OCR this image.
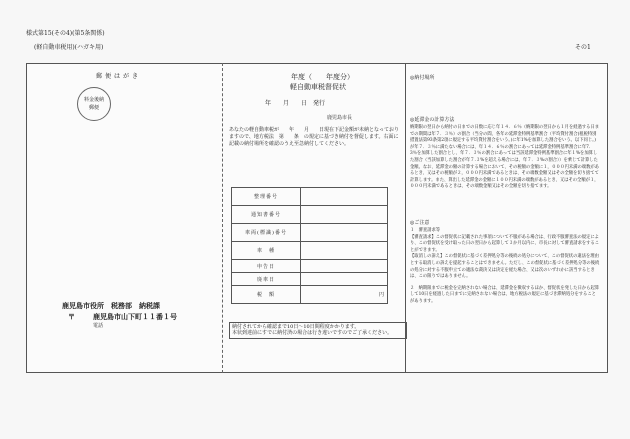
様式第15(その4)(第5条関係)
(軽自動車税用)(ハガキ用)	その1
郵便はがき
料金後納
郵便
鹿児島市役所　税務部　納税課
〒	鹿児島市山下町１１番１号
電話
年度（　　年度分）
軽自動車税督促状
年　　月　　日　発行
鹿児島市長
あなたの軽自動車税が　　年　　月　　日現在下記金額が未納となっておりますので、地方税法　第　　条　の規定に基づき納付を督促します。右面に記載の納付場所を確認のうえ至急納付してください。
整理番号	
通知書番号	
車両(標識)番号	
車　種	
申告日	
廃車日	
税　額	円
納付されてから確認まで10日～10日間程度かかります。
本状到達前にすでに納付済の場合は行き違いですのでご了承ください。
◎納付場所
◎延滞金の計算方法
納期限の翌日から納付の日までの日数に応じ年１４．６％（納期限の翌日から１月を経過する日までの期間は年７．３％）の割合（当分の間、各年の延滞金特例基準割合（平均貸付割合(租税特別措置法第93条第2項に規定する平均貸付割合をいう。)に年1%を加算した割合をいう。以下同じ。)が年７．３％に満たない場合には、年１４．６％の割合にあっては延滞金特例基準割合に年7．3％を加算した割合とし、年７．３％の割合にあっては当該延滞金特例基準割合に年１%を加算した割合（当該加算した割合が年７.３%を超える場合には、年７．３%の割合））を乗じて計算した金額。なお、延滞金の額の計算する場合において、その税額の金額に１，０００円未満の端数があるとき、又はその税額が２，０００円未満であるときは、その端数金額又はその全額を切り捨てて計算します。また、算出した延滞金の金額に１００円未満の端数があるとき、又はその全額が１，０００円未満であるときは、その端数金額又はその全額を切り捨てます。
◎ご注意
１　審査請求等
【審査請求】この督促状に記載された事項について不服がある場合は、行政不服審査法の規定により、この督促状を受け取った日の翌日から起算して３か月以内に、市長に対して審査請求をすることができます。
【取消しの訴え】この督促状に基づく差押処分等の後続の処分について、この督促状の違法を理由とする取消しの訴えを提起することはできません。ただし、この督促状に基づく差押処分等の後続の処分に対する不服申立ての適法な裁決又は決定を経た場合、又は次のいずれかに該当するときは、この限りではありません。
２　納期限までに税金を完納されない場合は、延滞金を徴収するほか、督促状を発した日から起算して10日を経過した日までに完納されない場合は、地方税法の規定に基づき滞納処分をすることがあります。
